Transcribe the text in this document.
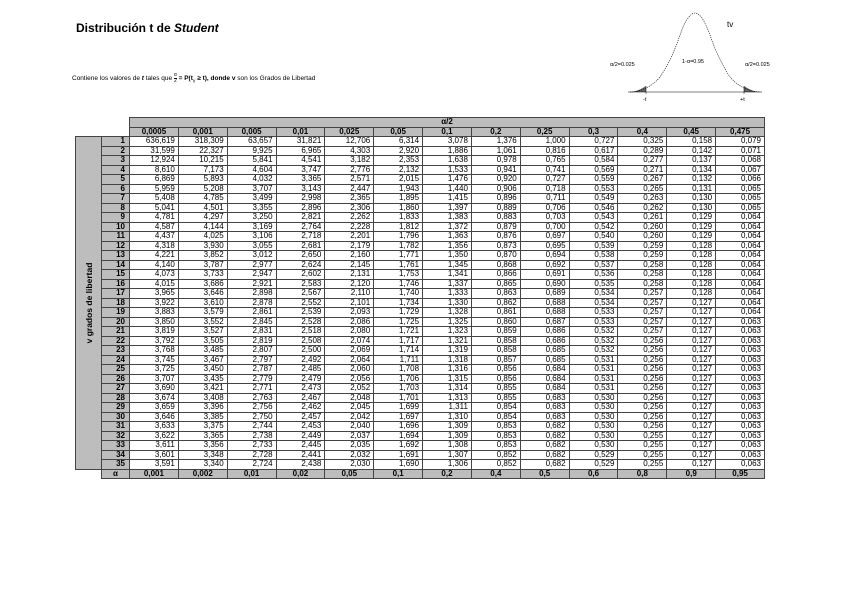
Distribución t de Student
Contiene los valores de t tales que $\frac{\alpha}{2} = P(t_v \ge t)$, donde v son los Grados de Libertad
tv
1-α=0.95
α/2=0.025	α/2=0.025
-t	+t
		α/2												
		0,0005	0,001	0,005	0,01	0,025	0,05	0,1	0,2	0,25	0,3	0,4	0,45	0,475

v grados de libertad	1	636,619	318,309	63,657	31,821	12,706	6,314	3,078	1,376	1,000	0,727	0,325	0,158	0,079
	2	31,599	22,327	9,925	6,965	4,303	2,920	1,886	1,061	0,816	0,617	0,289	0,142	0,071
	3	12,924	10,215	5,841	4,541	3,182	2,353	1,638	0,978	0,765	0,584	0,277	0,137	0,068
	4	8,610	7,173	4,604	3,747	2,776	2,132	1,533	0,941	0,741	0,569	0,271	0,134	0,067
	5	6,869	5,893	4,032	3,365	2,571	2,015	1,476	0,920	0,727	0,559	0,267	0,132	0,066
	6	5,959	5,208	3,707	3,143	2,447	1,943	1,440	0,906	0,718	0,553	0,265	0,131	0,065
	7	5,408	4,785	3,499	2,998	2,365	1,895	1,415	0,896	0,711	0,549	0,263	0,130	0,065
	8	5,041	4,501	3,355	2,896	2,306	1,860	1,397	0,889	0,706	0,546	0,262	0,130	0,065
	9	4,781	4,297	3,250	2,821	2,262	1,833	1,383	0,883	0,703	0,543	0,261	0,129	0,064
	10	4,587	4,144	3,169	2,764	2,228	1,812	1,372	0,879	0,700	0,542	0,260	0,129	0,064
	11	4,437	4,025	3,106	2,718	2,201	1,796	1,363	0,876	0,697	0,540	0,260	0,129	0,064
	12	4,318	3,930	3,055	2,681	2,179	1,782	1,356	0,873	0,695	0,539	0,259	0,128	0,064
	13	4,221	3,852	3,012	2,650	2,160	1,771	1,350	0,870	0,694	0,538	0,259	0,128	0,064
	14	4,140	3,787	2,977	2,624	2,145	1,761	1,345	0,868	0,692	0,537	0,258	0,128	0,064
	15	4,073	3,733	2,947	2,602	2,131	1,753	1,341	0,866	0,691	0,536	0,258	0,128	0,064
	16	4,015	3,686	2,921	2,583	2,120	1,746	1,337	0,865	0,690	0,535	0,258	0,128	0,064
	17	3,965	3,646	2,898	2,567	2,110	1,740	1,333	0,863	0,689	0,534	0,257	0,128	0,064
	18	3,922	3,610	2,878	2,552	2,101	1,734	1,330	0,862	0,688	0,534	0,257	0,127	0,064
	19	3,883	3,579	2,861	2,539	2,093	1,729	1,328	0,861	0,688	0,533	0,257	0,127	0,064
	20	3,850	3,552	2,845	2,528	2,086	1,725	1,325	0,860	0,687	0,533	0,257	0,127	0,063
	21	3,819	3,527	2,831	2,518	2,080	1,721	1,323	0,859	0,686	0,532	0,257	0,127	0,063
	22	3,792	3,505	2,819	2,508	2,074	1,717	1,321	0,858	0,686	0,532	0,256	0,127	0,063
	23	3,768	3,485	2,807	2,500	2,069	1,714	1,319	0,858	0,685	0,532	0,256	0,127	0,063
	24	3,745	3,467	2,797	2,492	2,064	1,711	1,318	0,857	0,685	0,531	0,256	0,127	0,063
	25	3,725	3,450	2,787	2,485	2,060	1,708	1,316	0,856	0,684	0,531	0,256	0,127	0,063
	26	3,707	3,435	2,779	2,479	2,056	1,706	1,315	0,856	0,684	0,531	0,256	0,127	0,063
	27	3,690	3,421	2,771	2,473	2,052	1,703	1,314	0,855	0,684	0,531	0,256	0,127	0,063
	28	3,674	3,408	2,763	2,467	2,048	1,701	1,313	0,855	0,683	0,530	0,256	0,127	0,063
	29	3,659	3,396	2,756	2,462	2,045	1,699	1,311	0,854	0,683	0,530	0,256	0,127	0,063
	30	3,646	3,385	2,750	2,457	2,042	1,697	1,310	0,854	0,683	0,530	0,256	0,127	0,063
	31	3,633	3,375	2,744	2,453	2,040	1,696	1,309	0,853	0,682	0,530	0,256	0,127	0,063
	32	3,622	3,365	2,738	2,449	2,037	1,694	1,309	0,853	0,682	0,530	0,255	0,127	0,063
	33	3,611	3,356	2,733	2,445	2,035	1,692	1,308	0,853	0,682	0,530	0,255	0,127	0,063
	34	3,601	3,348	2,728	2,441	2,032	1,691	1,307	0,852	0,682	0,529	0,255	0,127	0,063
	35	3,591	3,340	2,724	2,438	2,030	1,690	1,306	0,852	0,682	0,529	0,255	0,127	0,063
	α	0,001	0,002	0,01	0,02	0,05	0,1	0,2	0,4	0,5	0,6	0,8	0,9	0,95
